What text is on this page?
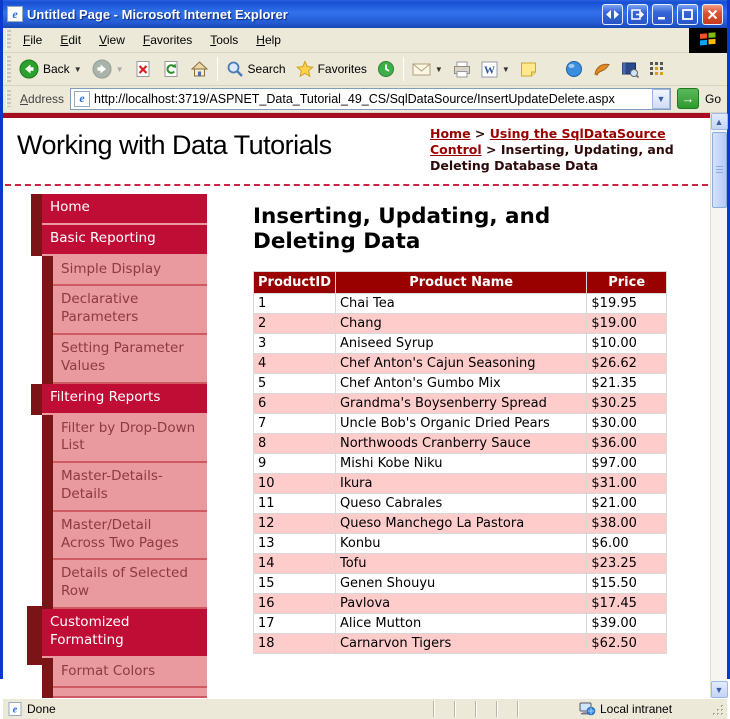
e Untitled Page - Microsoft Internet Explorer
File	Edit	View	Favorites	Tools	Help
Back ▼	▼	Search	Favorites	▼	W ▼
Address	e http://localhost:3719/ASPNET_Data_Tutorial_49_CS/SqlDataSource/InsertUpdateDelete.aspx	▼	→ Go
Working with Data Tutorials	Home > Using the SqlDataSource Control > Inserting, Updating, and Deleting Database Data
Home
Basic Reporting
Simple Display
Declarative Parameters
Setting Parameter Values
Filtering Reports
Filter by Drop-Down List
Master-Details-Details
Master/Detail Across Two Pages
Details of Selected Row
Customized Formatting
Format Colors
Inserting, Updating, and Deleting Data
ProductID	Product Name	Price
1	Chai Tea	$19.95
2	Chang	$19.00
3	Aniseed Syrup	$10.00
4	Chef Anton's Cajun Seasoning	$26.62
5	Chef Anton's Gumbo Mix	$21.35
6	Grandma's Boysenberry Spread	$30.25
7	Uncle Bob's Organic Dried Pears	$30.00
8	Northwoods Cranberry Sauce	$36.00
9	Mishi Kobe Niku	$97.00
10	Ikura	$31.00
11	Queso Cabrales	$21.00
12	Queso Manchego La Pastora	$38.00
13	Konbu	$6.00
14	Tofu	$23.25
15	Genen Shouyu	$15.50
16	Pavlova	$17.45
17	Alice Mutton	$39.00
18	Carnarvon Tigers	$62.50
▲
▼
e Done	Local intranet
